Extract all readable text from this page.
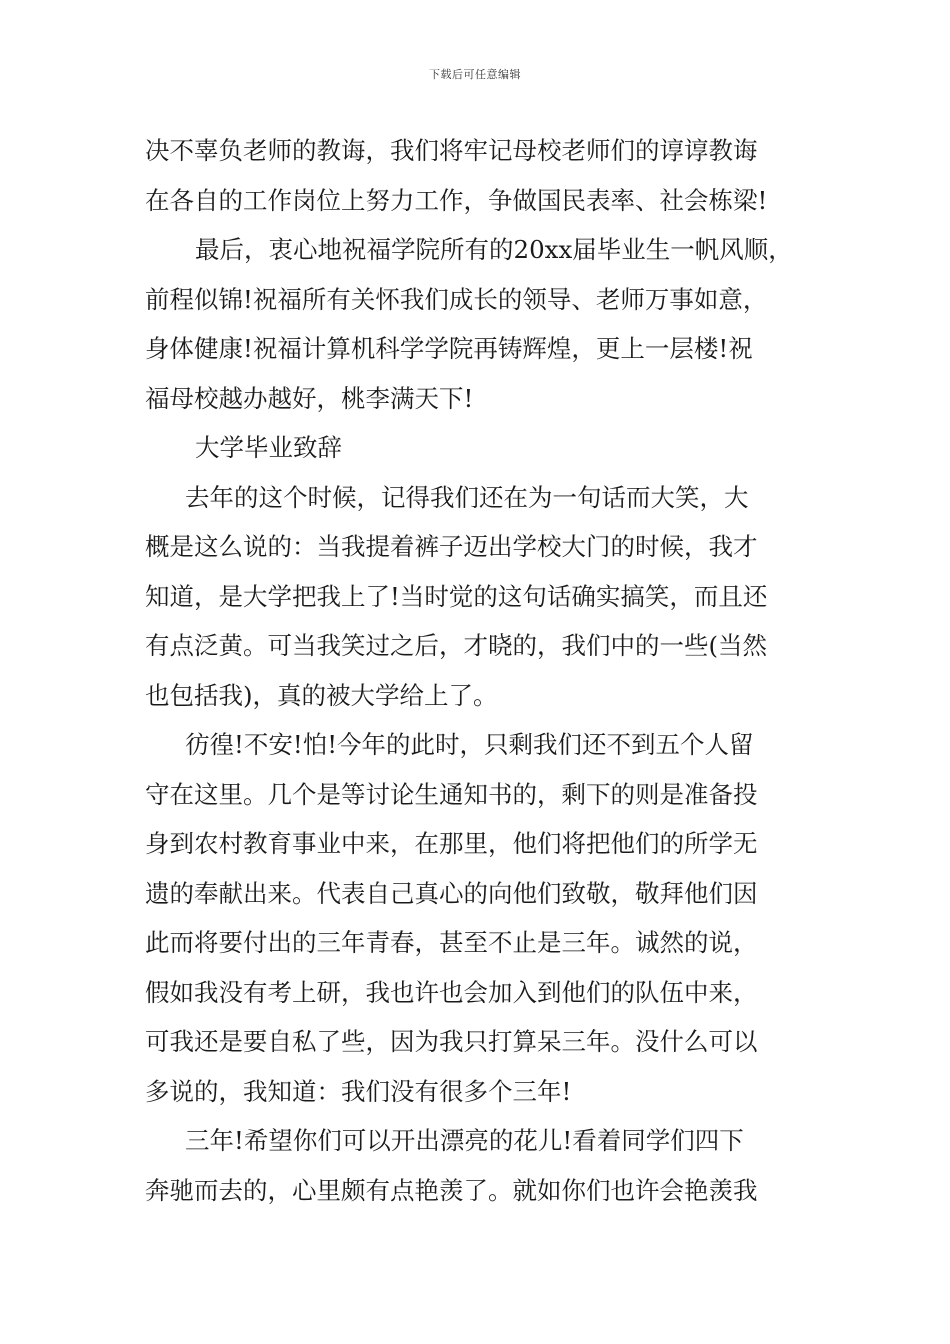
下载后可任意编辑
决不辜负老师的教诲，我们将牢记母校老师们的谆谆教诲
在各自的工作岗位上努力工作，争做国民表率、社会栋梁!
最后，衷心地祝福学院所有的20xx届毕业生一帆风顺，
前程似锦!祝福所有关怀我们成长的领导、老师万事如意，
身体健康!祝福计算机科学学院再铸辉煌，更上一层楼!祝
福母校越办越好，桃李满天下!
大学毕业致辞
去年的这个时候，记得我们还在为一句话而大笑，大
概是这么说的：当我提着裤子迈出学校大门的时候，我才
知道，是大学把我上了!当时觉的这句话确实搞笑，而且还
有点泛黄。可当我笑过之后，才晓的，我们中的一些(当然
也包括我)，真的被大学给上了。
彷徨!不安!怕!今年的此时，只剩我们还不到五个人留
守在这里。几个是等讨论生通知书的，剩下的则是准备投
身到农村教育事业中来，在那里，他们将把他们的所学无
遗的奉献出来。代表自己真心的向他们致敬，敬拜他们因
此而将要付出的三年青春，甚至不止是三年。诚然的说，
假如我没有考上研，我也许也会加入到他们的队伍中来，
可我还是要自私了些，因为我只打算呆三年。没什么可以
多说的，我知道：我们没有很多个三年!
三年!希望你们可以开出漂亮的花儿!看着同学们四下
奔驰而去的，心里颇有点艳羡了。就如你们也许会艳羡我
